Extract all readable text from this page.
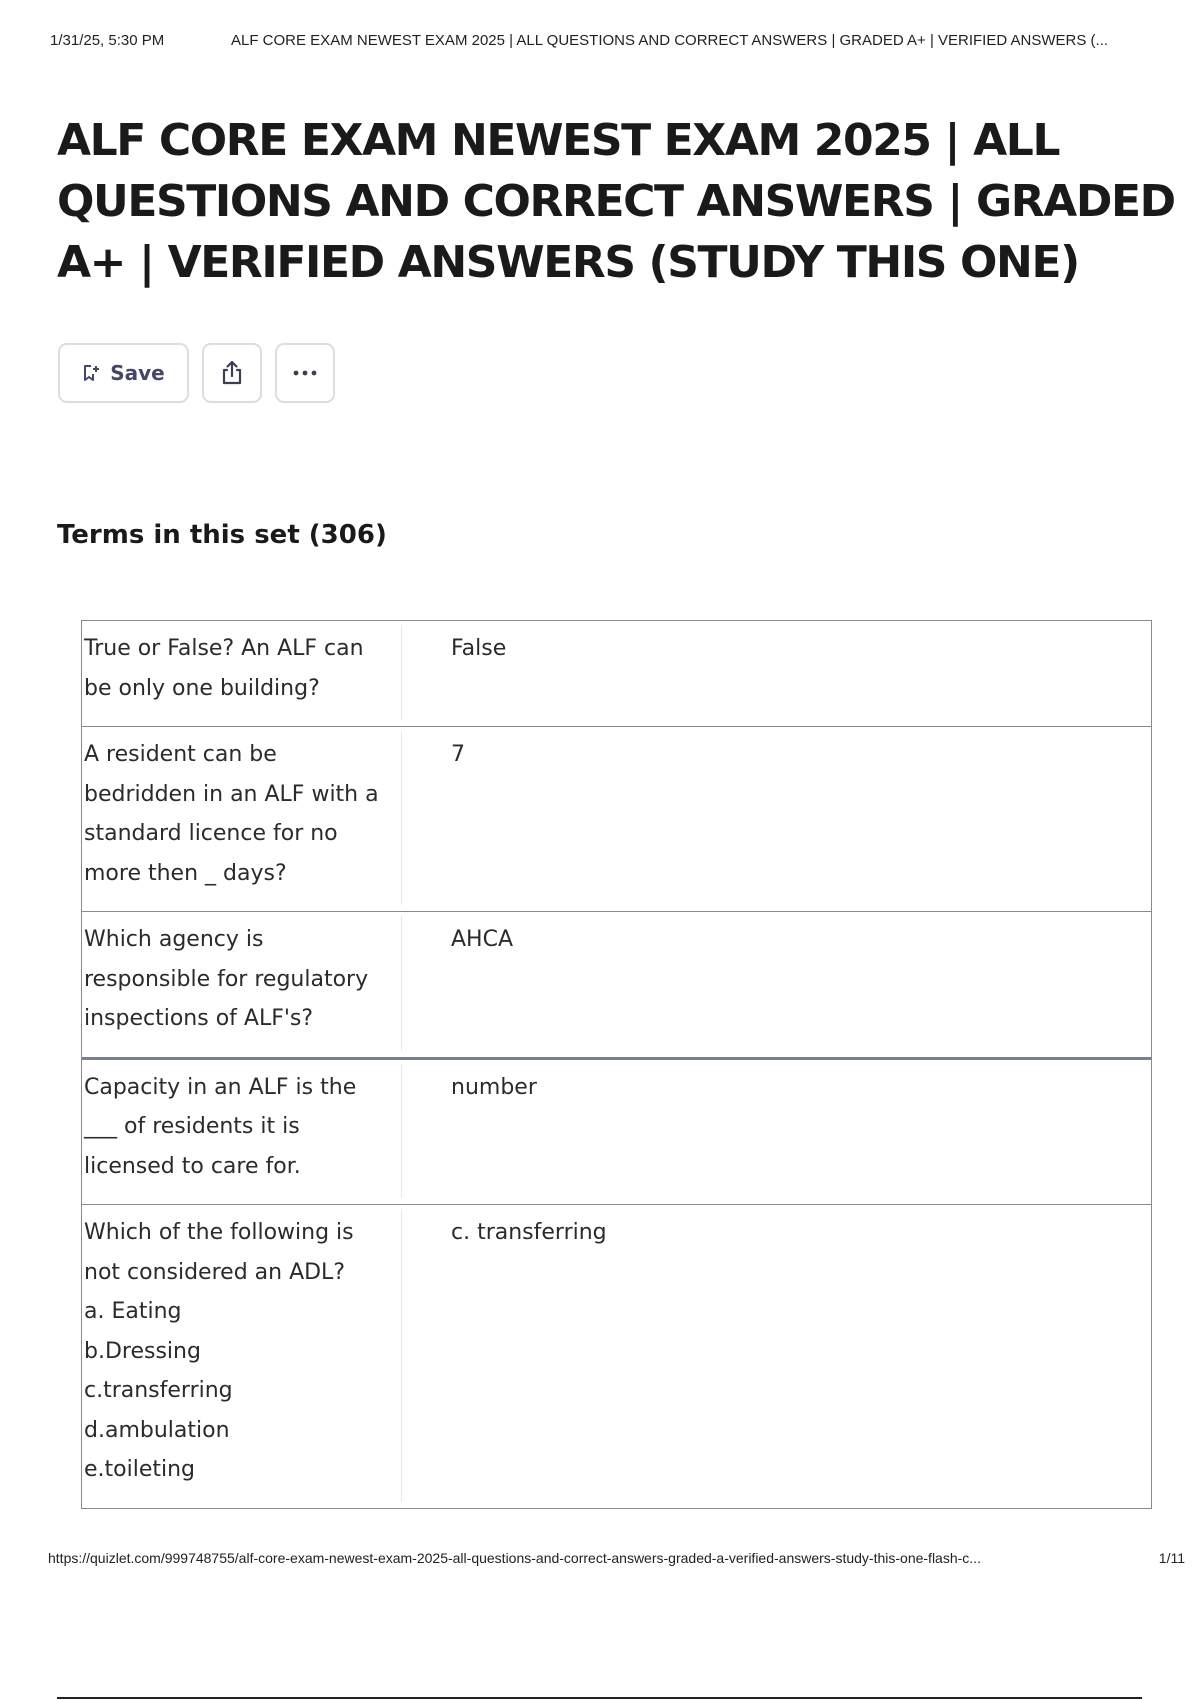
1/31/25, 5:30 PM	ALF CORE EXAM NEWEST EXAM 2025 | ALL QUESTIONS AND CORRECT ANSWERS | GRADED A+ | VERIFIED ANSWERS (...
ALF CORE EXAM NEWEST EXAM 2025 | ALL QUESTIONS AND CORRECT ANSWERS | GRADED A+ | VERIFIED ANSWERS (STUDY THIS ONE)
Save
Terms in this set (306)
True or False? An ALF can
be only one building?
False
A resident can be
bedridden in an ALF with a
standard licence for no
more then _ days?
7
Which agency is
responsible for regulatory
inspections of ALF's?
AHCA
Capacity in an ALF is the
___ of residents it is
licensed to care for.
number
Which of the following is
not considered an ADL?
a. Eating
b.Dressing
c.transferring
d.ambulation
e.toileting
c. transferring
https://quizlet.com/999748755/alf-core-exam-newest-exam-2025-all-questions-and-correct-answers-graded-a-verified-answers-study-this-one-flash-c...	1/11
